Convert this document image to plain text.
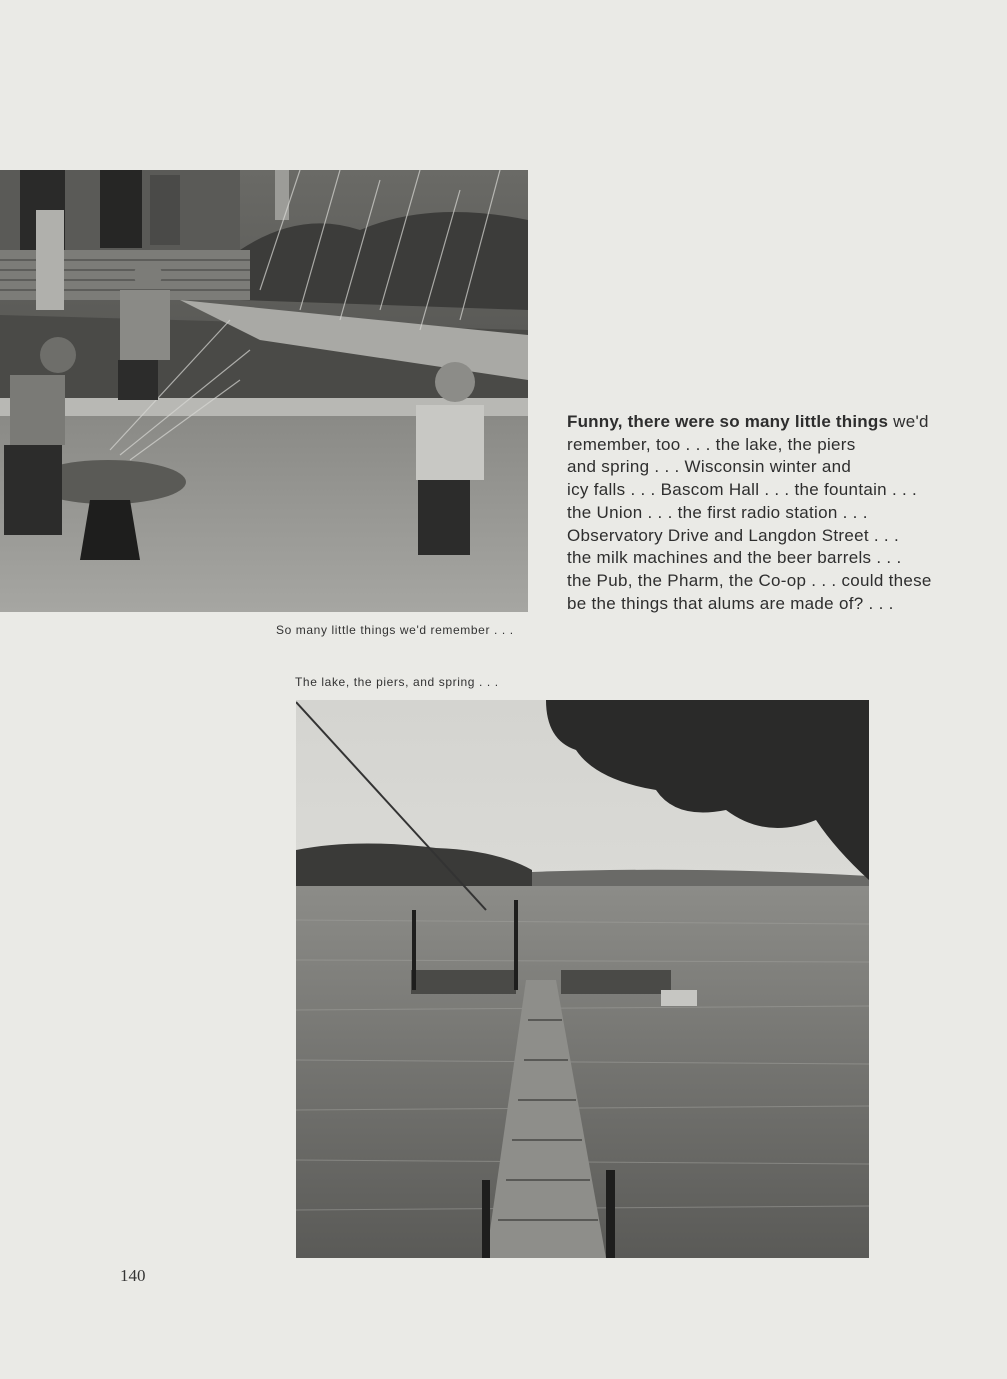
So many little things we'd remember . . .
Funny, there were so many little things we'd
remember, too . . . the lake, the piers
and spring . . . Wisconsin winter and
icy falls . . . Bascom Hall . . . the fountain . . .
the Union . . . the first radio station . . .
Observatory Drive and Langdon Street . . .
the milk machines and the beer barrels . . .
the Pub, the Pharm, the Co-op . . . could these
be the things that alums are made of? . . .
The lake, the piers, and spring . . .
140
